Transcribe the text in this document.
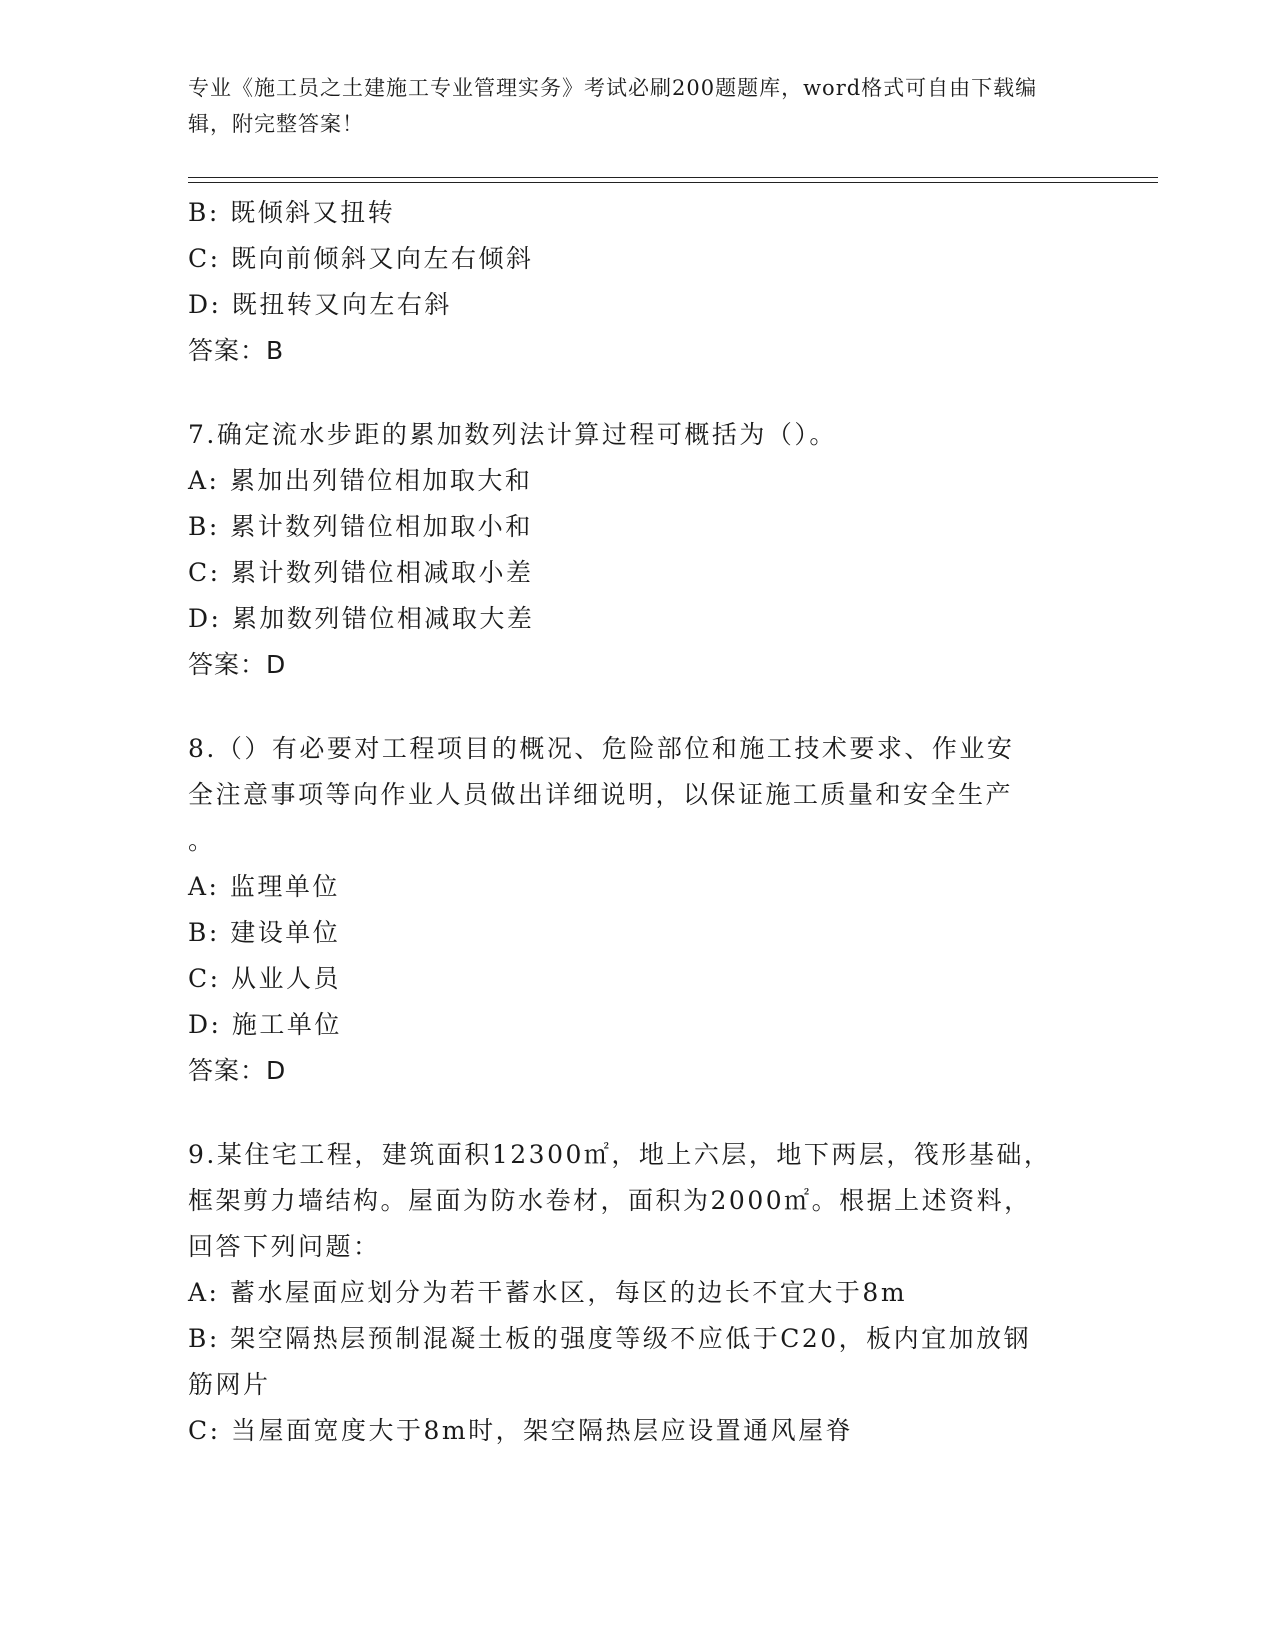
专业《施工员之土建施工专业管理实务》考试必刷200题题库，word格式可自由下载编辑，附完整答案！
B: 既倾斜又扭转
C: 既向前倾斜又向左右倾斜
D: 既扭转又向左右斜
答案：B
7.确定流水步距的累加数列法计算过程可概括为（）。
A: 累加出列错位相加取大和
B: 累计数列错位相加取小和
C: 累计数列错位相减取小差
D: 累加数列错位相减取大差
答案：D
8.（）有必要对工程项目的概况、危险部位和施工技术要求、作业安
全注意事项等向作业人员做出详细说明，以保证施工质量和安全生产
。
A: 监理单位
B: 建设单位
C: 从业人员
D: 施工单位
答案：D
9.某住宅工程，建筑面积12300㎡，地上六层，地下两层，筏形基础，
框架剪力墙结构。屋面为防水卷材，面积为2000㎡。根据上述资料，
回答下列问题：
A: 蓄水屋面应划分为若干蓄水区，每区的边长不宜大于8m
B: 架空隔热层预制混凝土板的强度等级不应低于C20，板内宜加放钢
筋网片
C: 当屋面宽度大于8m时，架空隔热层应设置通风屋脊
